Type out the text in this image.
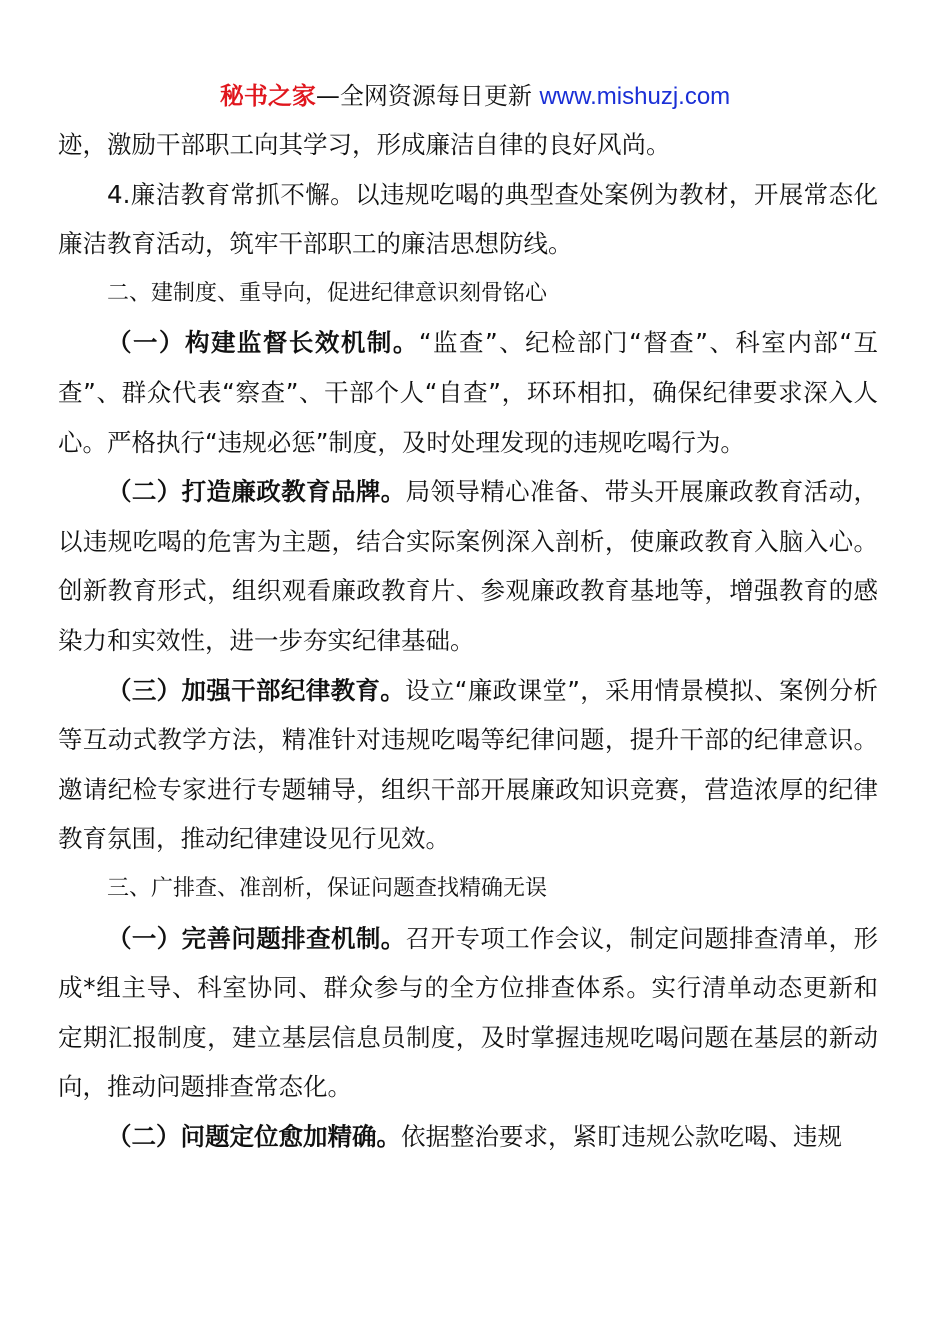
秘书之家—全网资源每日更新 www.mishuzj.com

迹，激励干部职工向其学习，形成廉洁自律的良好风尚。

4.廉洁教育常抓不懈。以违规吃喝的典型查处案例为教材，开展常态化廉洁教育活动，筑牢干部职工的廉洁思想防线。

二、建制度、重导向，促进纪律意识刻骨铭心

（一）构建监督长效机制。“监查”、纪检部门“督查”、科室内部“互查”、群众代表“察查”、干部个人“自查”，环环相扣，确保纪律要求深入人心。严格执行“违规必惩”制度，及时处理发现的违规吃喝行为。

（二）打造廉政教育品牌。局领导精心准备、带头开展廉政教育活动，以违规吃喝的危害为主题，结合实际案例深入剖析，使廉政教育入脑入心。创新教育形式，组织观看廉政教育片、参观廉政教育基地等，增强教育的感染力和实效性，进一步夯实纪律基础。

（三）加强干部纪律教育。设立“廉政课堂”，采用情景模拟、案例分析等互动式教学方法，精准针对违规吃喝等纪律问题，提升干部的纪律意识。邀请纪检专家进行专题辅导，组织干部开展廉政知识竞赛，营造浓厚的纪律教育氛围，推动纪律建设见行见效。

三、广排查、准剖析，保证问题查找精确无误

（一）完善问题排查机制。召开专项工作会议，制定问题排查清单，形成*组主导、科室协同、群众参与的全方位排查体系。实行清单动态更新和定期汇报制度，建立基层信息员制度，及时掌握违规吃喝问题在基层的新动向，推动问题排查常态化。

（二）问题定位愈加精确。依据整治要求，紧盯违规公款吃喝、违规
